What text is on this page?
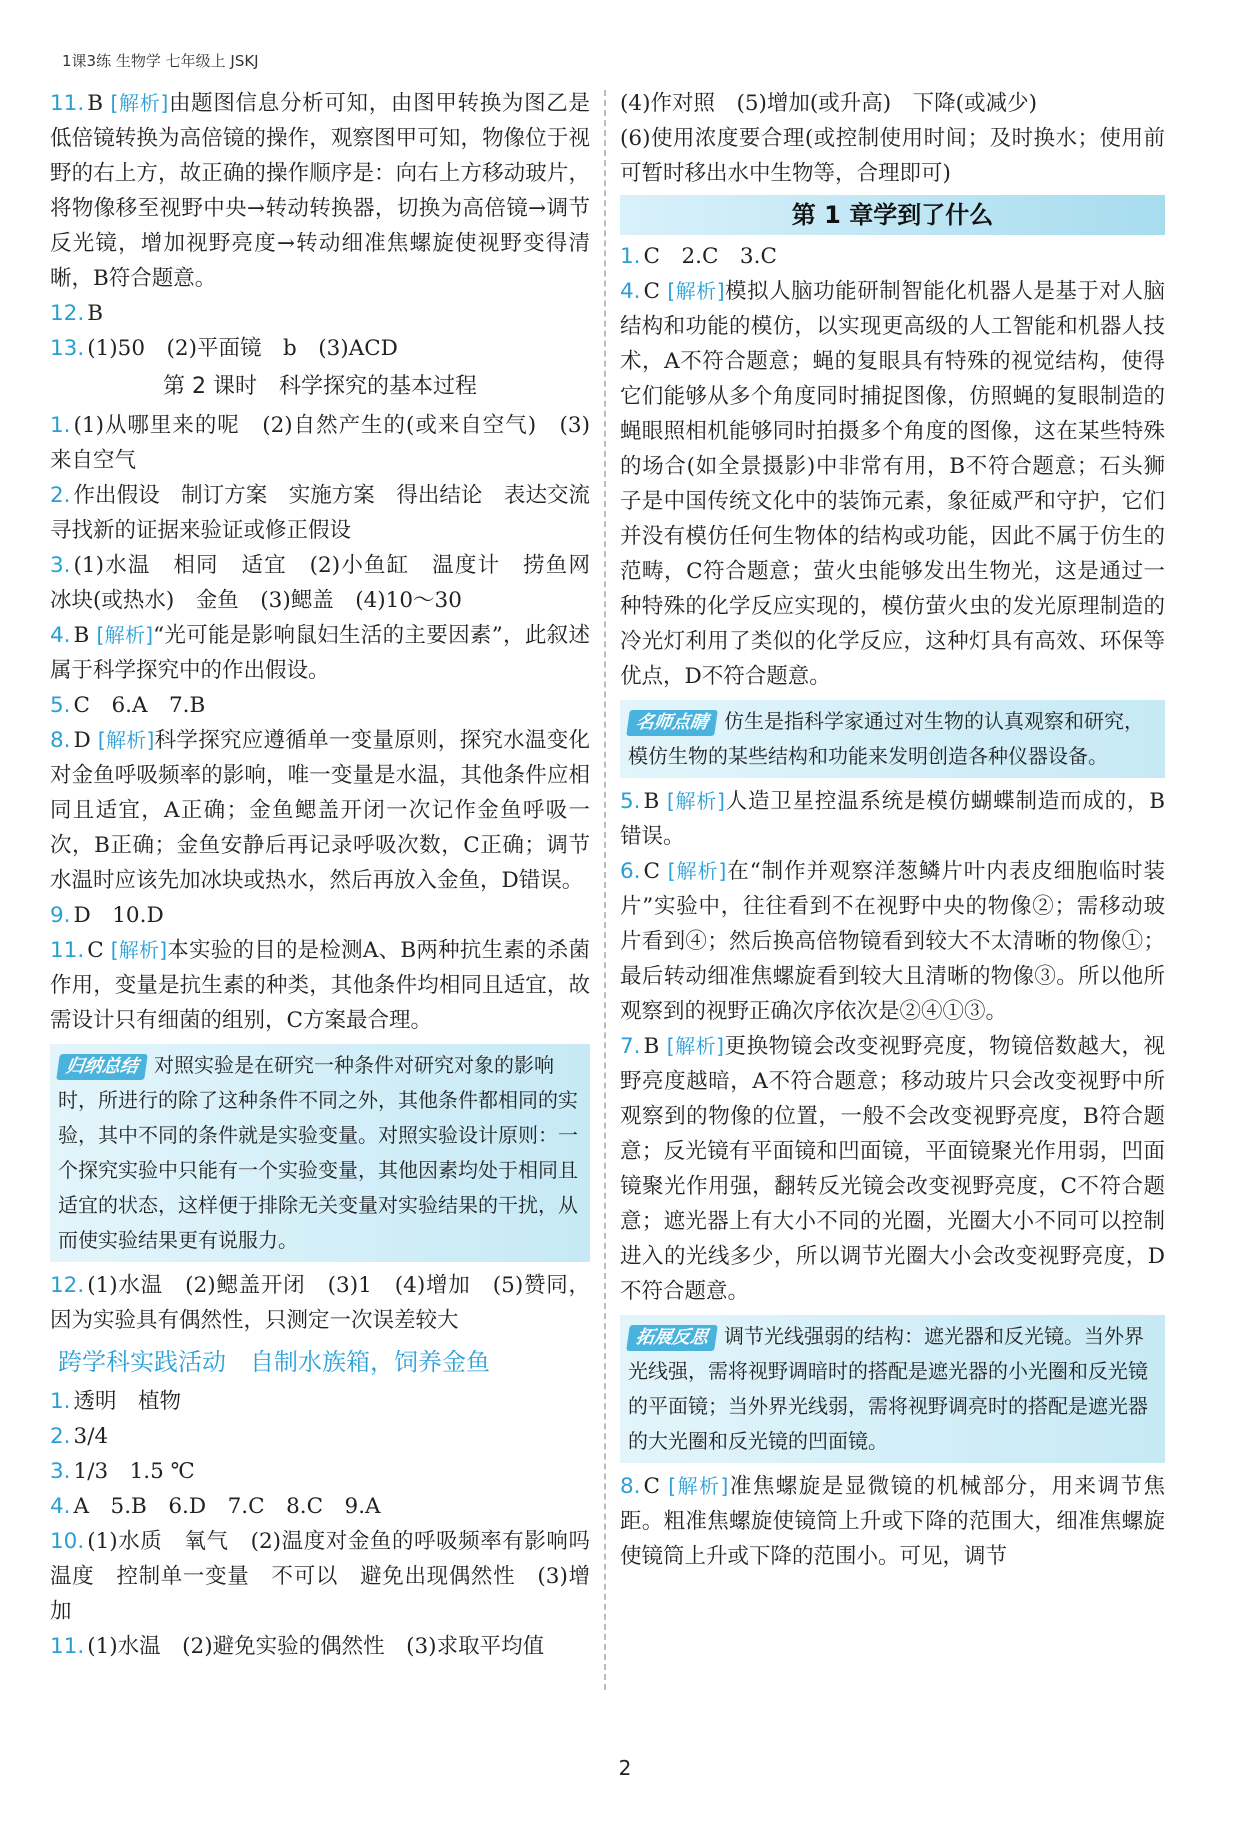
1课3练 生物学 七年级上 JSKJ

11. B [ 解析 ] 由题图信息分析可知，由图甲转换为图乙是低倍镜转换为高倍镜的操作，观察图甲可知，物像位于视野的右上方，故正确的操作顺序是：向右上方移动玻片，将物像移至视野中央→转动转换器，切换为高倍镜→调节反光镜，增加视野亮度→转动细准焦螺旋使视野变得清晰，B符合题意。

12. B

13. (1)50　(2)平面镜　b　(3)ACD

第 2 课时　科学探究的基本过程

1. (1)从哪里来的呢　(2)自然产生的(或来自空气)　(3)来自空气

2. 作出假设　制订方案　实施方案　得出结论　表达交流　寻找新的证据来验证或修正假设

3. (1)水温　相同　适宜　(2)小鱼缸　温度计　捞鱼网　冰块(或热水)　金鱼　(3)鳃盖　(4)10～30

4. B [ 解析 ] “光可能是影响鼠妇生活的主要因素”，此叙述属于科学探究中的作出假设。

5. C　6.A　7.B

8. D [ 解析 ] 科学探究应遵循单一变量原则，探究水温变化对金鱼呼吸频率的影响，唯一变量是水温，其他条件应相同且适宜，A正确；金鱼鳃盖开闭一次记作金鱼呼吸一次，B正确；金鱼安静后再记录呼吸次数，C正确；调节水温时应该先加冰块或热水，然后再放入金鱼，D错误。

9. D　10.D

11. C [ 解析 ] 本实验的目的是检测A、B两种抗生素的杀菌作用，变量是抗生素的种类，其他条件均相同且适宜，故需设计只有细菌的组别，C方案最合理。

归纳总结 对照实验是在研究一种条件对研究对象的影响时，所进行的除了这种条件不同之外，其他条件都相同的实验，其中不同的条件就是实验变量。对照实验设计原则：一个探究实验中只能有一个实验变量，其他因素均处于相同且适宜的状态，这样便于排除无关变量对实验结果的干扰，从而使实验结果更有说服力。

12. (1)水温　(2)鳃盖开闭　(3)1　(4)增加　(5)赞同，因为实验具有偶然性，只测定一次误差较大

跨学科实践活动　自制水族箱，饲养金鱼

1. 透明　植物

2. 3/4

3. 1/3　1.5 ℃

4. A　5.B　6.D　7.C　8.C　9.A

10. (1)水质　氧气　(2)温度对金鱼的呼吸频率有影响吗　温度　控制单一变量　不可以　避免出现偶然性　(3)增加

11. (1)水温　(2)避免实验的偶然性　(3)求取平均值

(4)作对照　(5)增加(或升高)　下降(或减少)

(6)使用浓度要合理(或控制使用时间；及时换水；使用前可暂时移出水中生物等，合理即可)

第 1 章学到了什么

1. C　2.C　3.C

4. C [ 解析 ] 模拟人脑功能研制智能化机器人是基于对人脑结构和功能的模仿，以实现更高级的人工智能和机器人技术，A不符合题意；蝇的复眼具有特殊的视觉结构，使得它们能够从多个角度同时捕捉图像，仿照蝇的复眼制造的蝇眼照相机能够同时拍摄多个角度的图像，这在某些特殊的场合(如全景摄影)中非常有用，B不符合题意；石头狮子是中国传统文化中的装饰元素，象征威严和守护，它们并没有模仿任何生物体的结构或功能，因此不属于仿生的范畴，C符合题意；萤火虫能够发出生物光，这是通过一种特殊的化学反应实现的，模仿萤火虫的发光原理制造的冷光灯利用了类似的化学反应，这种灯具有高效、环保等优点，D不符合题意。

名师点睛 仿生是指科学家通过对生物的认真观察和研究，模仿生物的某些结构和功能来发明创造各种仪器设备。

5. B [ 解析 ] 人造卫星控温系统是模仿蝴蝶制造而成的，B错误。

6. C [ 解析 ] 在“制作并观察洋葱鳞片叶内表皮细胞临时装片”实验中，往往看到不在视野中央的物像②；需移动玻片看到④；然后换高倍物镜看到较大不太清晰的物像①；最后转动细准焦螺旋看到较大且清晰的物像③。所以他所观察到的视野正确次序依次是②④①③。

7. B [ 解析 ] 更换物镜会改变视野亮度，物镜倍数越大，视野亮度越暗，A不符合题意；移动玻片只会改变视野中所观察到的物像的位置，一般不会改变视野亮度，B符合题意；反光镜有平面镜和凹面镜，平面镜聚光作用弱，凹面镜聚光作用强，翻转反光镜会改变视野亮度，C不符合题意；遮光器上有大小不同的光圈，光圈大小不同可以控制进入的光线多少，所以调节光圈大小会改变视野亮度，D不符合题意。

拓展反思 调节光线强弱的结构：遮光器和反光镜。当外界光线强，需将视野调暗时的搭配是遮光器的小光圈和反光镜的平面镜；当外界光线弱，需将视野调亮时的搭配是遮光器的大光圈和反光镜的凹面镜。

8. C [ 解析 ] 准焦螺旋是显微镜的机械部分，用来调节焦距。粗准焦螺旋使镜筒上升或下降的范围大，细准焦螺旋使镜筒上升或下降的范围小。可见，调节

2
